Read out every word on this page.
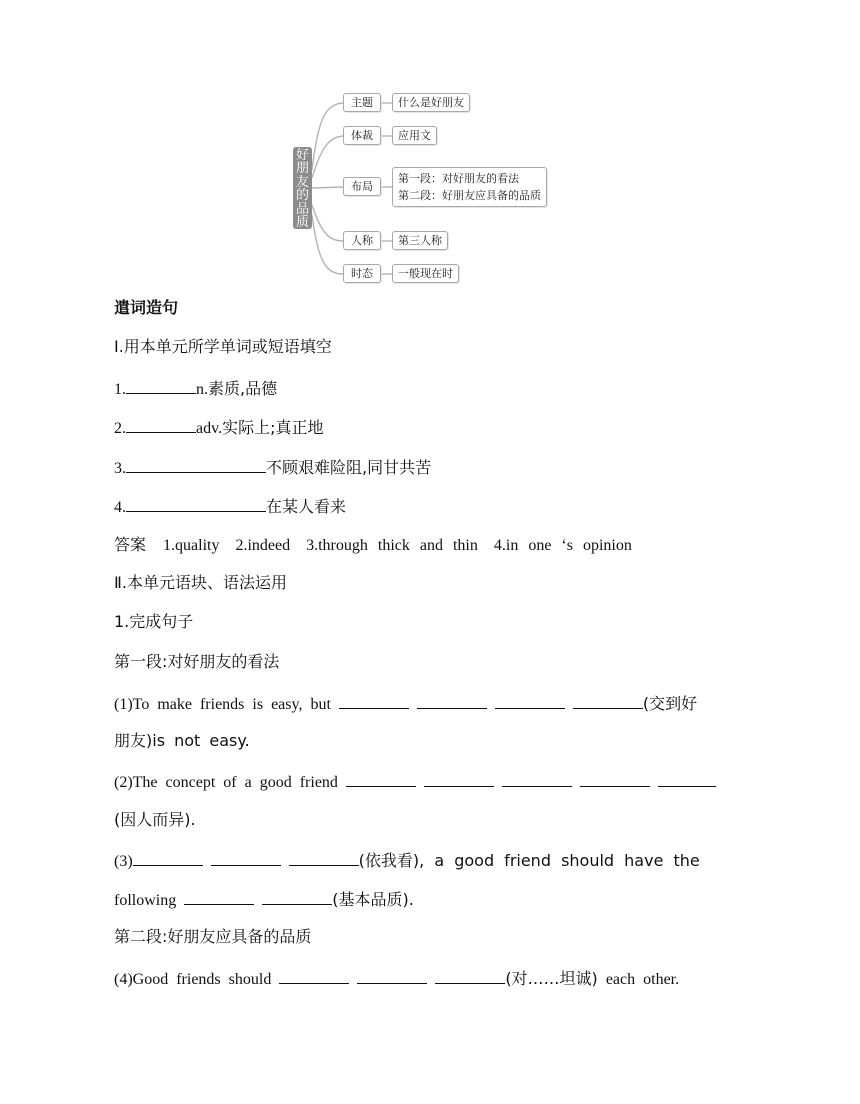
好朋友的品质
主题	什么是好朋友
体裁	应用文
布局
第一段：对好朋友的看法
第二段：好朋友应具备的品质
人称	第三人称
时态	一般现在时
遣词造句
Ⅰ.用本单元所学单词或短语填空
1.	n.素质,品德
2.	adv.实际上;真正地
3.	不顾艰难险阻,同甘共苦
4.	在某人看来
答案 1.quality 2.indeed 3.through thick and thin 4.in one ‘s opinion
Ⅱ.本单元语块、语法运用
1.完成句子
第一段:对好朋友的看法
(1)To make friends is easy, but	(交到好
朋友)is not easy.
(2)The concept of a good friend
(因人而异).
(3)	(依我看), a good friend should have the
following	(基本品质).
第二段:好朋友应具备的品质
(4)Good friends should	(对……坦诚) each other.
